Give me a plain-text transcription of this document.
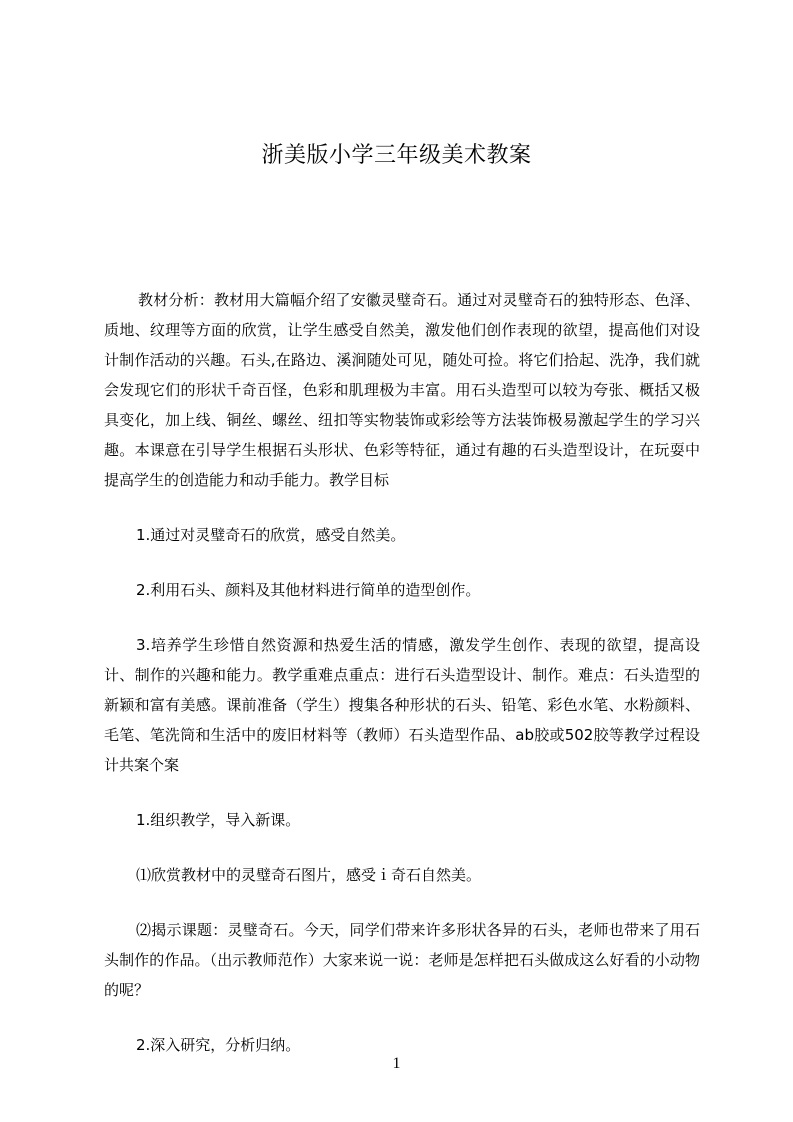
浙美版小学三年级美术教案

教材分析：教材用大篇幅介绍了安徽灵璧奇石。通过对灵璧奇石的独特形态、色泽、质地、纹理等方面的欣赏，让学生感受自然美，激发他们创作表现的欲望，提高他们对设计制作活动的兴趣。石头,在路边、溪涧随处可见，随处可捡。将它们拾起、洗净，我们就会发现它们的形状千奇百怪，色彩和肌理极为丰富。用石头造型可以较为夸张、概括又极具变化，加上线、铜丝、螺丝、纽扣等实物装饰或彩绘等方法装饰极易激起学生的学习兴趣。本课意在引导学生根据石头形状、色彩等特征，通过有趣的石头造型设计，在玩耍中提高学生的创造能力和动手能力。教学目标

1.通过对灵璧奇石的欣赏，感受自然美。

2.利用石头、颜料及其他材料进行简单的造型创作。

3.培养学生珍惜自然资源和热爱生活的情感，激发学生创作、表现的欲望，提高设计、制作的兴趣和能力。教学重难点重点：进行石头造型设计、制作。难点：石头造型的新颖和富有美感。课前准备（学生）搜集各种形状的石头、铅笔、彩色水笔、水粉颜料、毛笔、笔洗筒和生活中的废旧材料等（教师）石头造型作品、ab胶或502胶等教学过程设计共案个案

1.组织教学，导入新课。

⑴欣赏教材中的灵璧奇石图片，感受ｉ奇石自然美。

⑵揭示课题：灵璧奇石。今天，同学们带来许多形状各异的石头，老师也带来了用石头制作的作品。（出示教师范作）大家来说一说：老师是怎样把石头做成这么好看的小动物的呢？

2.深入研究，分析归纳。

1
